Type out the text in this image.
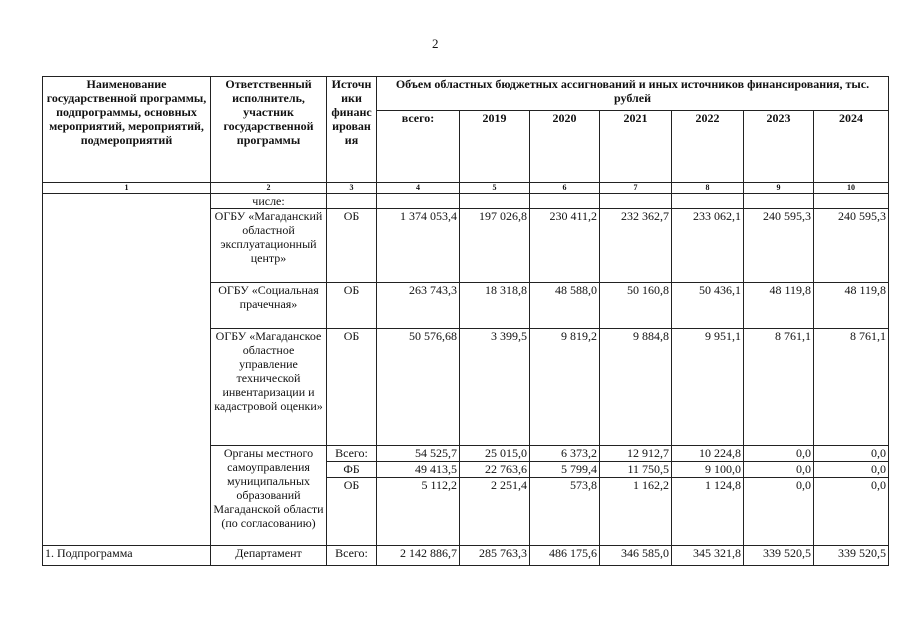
2
Наименование государственной программы, подпрограммы, основных мероприятий, мероприятий, подмероприятий	Ответственный исполнитель, участник государственной программы	Источн ики финанс ирован ия	Объем областных бюджетных ассигнований и иных источников финансирования, тыс. рублей						
			всего:	2019	2020	2021	2022	2023	2024
1	2	3	4	5	6	7	8	9	10
	числе:								
	ОГБУ «Магаданский областной эксплуатационный центр»	ОБ	1 374 053,4	197 026,8	230 411,2	232 362,7	233 062,1	240 595,3	240 595,3
	ОГБУ «Социальная прачечная»	ОБ	263 743,3	18 318,8	48 588,0	50 160,8	50 436,1	48 119,8	48 119,8
	ОГБУ «Магаданское областное управление технической инвентаризации и кадастровой оценки»	ОБ	50 576,68	3 399,5	9 819,2	9 884,8	9 951,1	8 761,1	8 761,1
	Органы местного самоуправления муниципальных образований Магаданской области (по согласованию)	Всего:	54 525,7	25 015,0	6 373,2	12 912,7	10 224,8	0,0	0,0
		ФБ	49 413,5	22 763,6	5 799,4	11 750,5	9 100,0	0,0	0,0
		ОБ	5 112,2	2 251,4	573,8	1 162,2	1 124,8	0,0	0,0
1. Подпрограмма	Департамент	Всего:	2 142 886,7	285 763,3	486 175,6	346 585,0	345 321,8	339 520,5	339 520,5
